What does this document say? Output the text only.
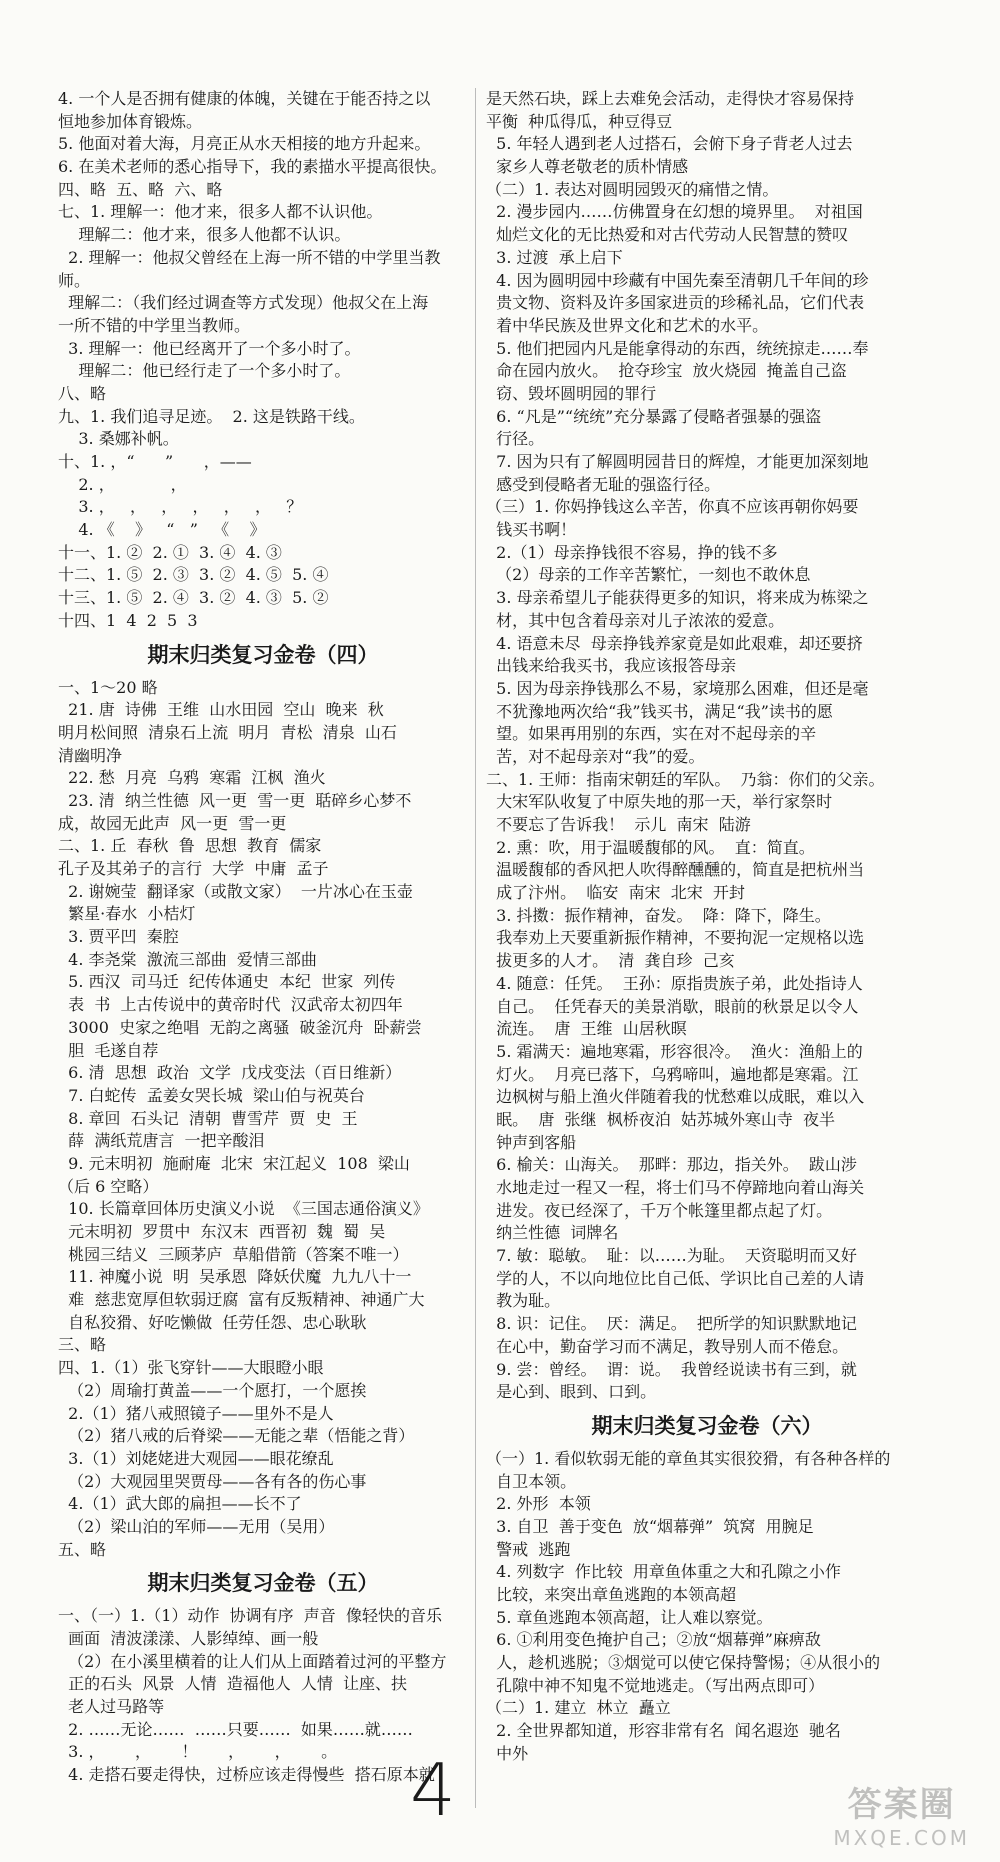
4. 一个人是否拥有健康的体魄，关键在于能否持之以
恒地参加体育锻炼。
5. 他面对着大海，月亮正从水天相接的地方升起来。
6. 在美术老师的悉心指导下，我的素描水平提高很快。
四、略  五、略  六、略
七、1. 理解一：他才来，很多人都不认识他。
理解二：他才来，很多人他都不认识。
2. 理解一：他叔父曾经在上海一所不错的中学里当教
师。
理解二：（我们经过调查等方式发现）他叔父在上海
一所不错的中学里当教师。
3. 理解一：他已经离开了一个多小时了。
理解二：他已经行走了一个多小时了。
八、略
九、1. 我们追寻足迹。  2. 这是铁路干线。
3. 桑娜补帆。
十、1. ，“      ”      ，——
2. ，           ，
3. ，   ，   ，   ，   ，   ，   ？
4. 《    》   “   ”   《    》
十一、1. ②  2. ①  3. ④  4. ③
十二、1. ⑤  2. ③  3. ②  4. ⑤  5. ④
十三、1. ⑤  2. ④  3. ②  4. ③  5. ②
十四、1  4  2  5  3
期末归类复习金卷（四）
一、1～20 略
21. 唐  诗佛  王维  山水田园  空山  晚来  秋
明月松间照  清泉石上流  明月  青松  清泉  山石
清幽明净
22. 愁  月亮  乌鸦  寒霜  江枫  渔火
23. 清  纳兰性德  风一更  雪一更  聒碎乡心梦不
成，故园无此声  风一更  雪一更
二、1. 丘  春秋  鲁  思想  教育  儒家
孔子及其弟子的言行  大学  中庸  孟子
2. 谢婉莹  翻译家（或散文家）  一片冰心在玉壶
繁星·春水  小桔灯
3. 贾平凹  秦腔
4. 李尧棠  激流三部曲  爱情三部曲
5. 西汉  司马迁  纪传体通史  本纪  世家  列传
表  书  上古传说中的黄帝时代  汉武帝太初四年
3000  史家之绝唱  无韵之离骚  破釜沉舟  卧薪尝
胆  毛遂自荐
6. 清  思想  政治  文学  戊戌变法（百日维新）
7. 白蛇传  孟姜女哭长城  梁山伯与祝英台
8. 章回  石头记  清朝  曹雪芹  贾  史  王
薛  满纸荒唐言  一把辛酸泪
9. 元末明初  施耐庵  北宋  宋江起义  108  梁山
（后 6 空略）
10. 长篇章回体历史演义小说  《三国志通俗演义》
元末明初  罗贯中  东汉末  西晋初  魏  蜀  吴
桃园三结义  三顾茅庐  草船借箭（答案不唯一）
11. 神魔小说  明  吴承恩  降妖伏魔  九九八十一
难  慈悲宽厚但软弱迂腐  富有反叛精神、神通广大
自私狡猾、好吃懒做  任劳任怨、忠心耿耿
三、略
四、1.（1）张飞穿针——大眼瞪小眼
（2）周瑜打黄盖——一个愿打，一个愿挨
2.（1）猪八戒照镜子——里外不是人
（2）猪八戒的后脊梁——无能之辈（悟能之背）
3.（1）刘姥姥进大观园——眼花缭乱
（2）大观园里哭贾母——各有各的伤心事
4.（1）武大郎的扁担——长不了
（2）梁山泊的军师——无用（吴用）
五、略
期末归类复习金卷（五）
一、（一）1.（1）动作  协调有序  声音  像轻快的音乐
画面  清波漾漾、人影绰绰、画一般
（2）在小溪里横着的让人们从上面踏着过河的平整方
正的石头  风景  人情  造福他人  人情  让座、扶
老人过马路等
2. ……无论……  ……只要……  如果……就……
3. ，      ，      ！      ，      ，      。
4. 走搭石要走得快，过桥应该走得慢些  搭石原本就
是天然石块，踩上去难免会活动，走得快才容易保持
平衡  种瓜得瓜，种豆得豆
5. 年轻人遇到老人过搭石，会俯下身子背老人过去
家乡人尊老敬老的质朴情感
（二）1. 表达对圆明园毁灭的痛惜之情。
2. 漫步园内……仿佛置身在幻想的境界里。  对祖国
灿烂文化的无比热爱和对古代劳动人民智慧的赞叹
3. 过渡  承上启下
4. 因为圆明园中珍藏有中国先秦至清朝几千年间的珍
贵文物、资料及许多国家进贡的珍稀礼品，它们代表
着中华民族及世界文化和艺术的水平。
5. 他们把园内凡是能拿得动的东西，统统掠走……奉
命在园内放火。  抢夺珍宝  放火烧园  掩盖自己盗
窃、毁坏圆明园的罪行
6. “凡是”“统统”充分暴露了侵略者强暴的强盗
行径。
7. 因为只有了解圆明园昔日的辉煌，才能更加深刻地
感受到侵略者无耻的强盗行径。
（三）1. 你妈挣钱这么辛苦，你真不应该再朝你妈要
钱买书啊！
2.（1）母亲挣钱很不容易，挣的钱不多
（2）母亲的工作辛苦繁忙，一刻也不敢休息
3. 母亲希望儿子能获得更多的知识，将来成为栋梁之
材，其中包含着母亲对儿子浓浓的爱意。
4. 语意未尽  母亲挣钱养家竟是如此艰难，却还要挤
出钱来给我买书，我应该报答母亲
5. 因为母亲挣钱那么不易，家境那么困难，但还是毫
不犹豫地两次给“我”钱买书，满足“我”读书的愿
望。如果再用别的东西，实在对不起母亲的辛
苦，对不起母亲对“我”的爱。
二、1. 王师：指南宋朝廷的军队。  乃翁：你们的父亲。
大宋军队收复了中原失地的那一天，举行家祭时
不要忘了告诉我！  示儿  南宋  陆游
2. 熏：吹，用于温暖馥郁的风。  直：简直。
温暖馥郁的香风把人吹得醉醺醺的，简直是把杭州当
成了汴州。  临安  南宋  北宋  开封
3. 抖擞：振作精神，奋发。  降：降下，降生。
我奉劝上天要重新振作精神，不要拘泥一定规格以选
拔更多的人才。  清  龚自珍  己亥
4. 随意：任凭。  王孙：原指贵族子弟，此处指诗人
自己。  任凭春天的美景消歇，眼前的秋景足以令人
流连。  唐  王维  山居秋暝
5. 霜满天：遍地寒霜，形容很冷。  渔火：渔船上的
灯火。  月亮已落下，乌鸦啼叫，遍地都是寒霜。江
边枫树与船上渔火伴随着我的忧愁难以成眠，难以入
眠。  唐  张继  枫桥夜泊  姑苏城外寒山寺  夜半
钟声到客船
6. 榆关：山海关。  那畔：那边，指关外。  跋山涉
水地走过一程又一程，将士们马不停蹄地向着山海关
进发。夜已经深了，千万个帐篷里都点起了灯。
纳兰性德  词牌名
7. 敏：聪敏。  耻：以……为耻。  天资聪明而又好
学的人，不以向地位比自己低、学识比自己差的人请
教为耻。
8. 识：记住。  厌：满足。  把所学的知识默默地记
在心中，勤奋学习而不满足，教导别人而不倦怠。
9. 尝：曾经。  谓：说。  我曾经说读书有三到，就
是心到、眼到、口到。
期末归类复习金卷（六）
（一）1. 看似软弱无能的章鱼其实很狡猾，有各种各样的
自卫本领。
2. 外形  本领
3. 自卫  善于变色  放“烟幕弹”  筑窝  用腕足
警戒  逃跑
4. 列数字  作比较  用章鱼体重之大和孔隙之小作
比较，来突出章鱼逃跑的本领高超
5. 章鱼逃跑本领高超，让人难以察觉。
6. ①利用变色掩护自己；②放“烟幕弹”麻痹敌
人，趁机逃脱；③烟觉可以使它保持警惕；④从很小的
孔隙中神不知鬼不觉地逃走。（写出两点即可）
（二）1. 建立  林立  矗立
2. 全世界都知道，形容非常有名  闻名遐迩  驰名
中外
4	答案圈
MXQE.COM
